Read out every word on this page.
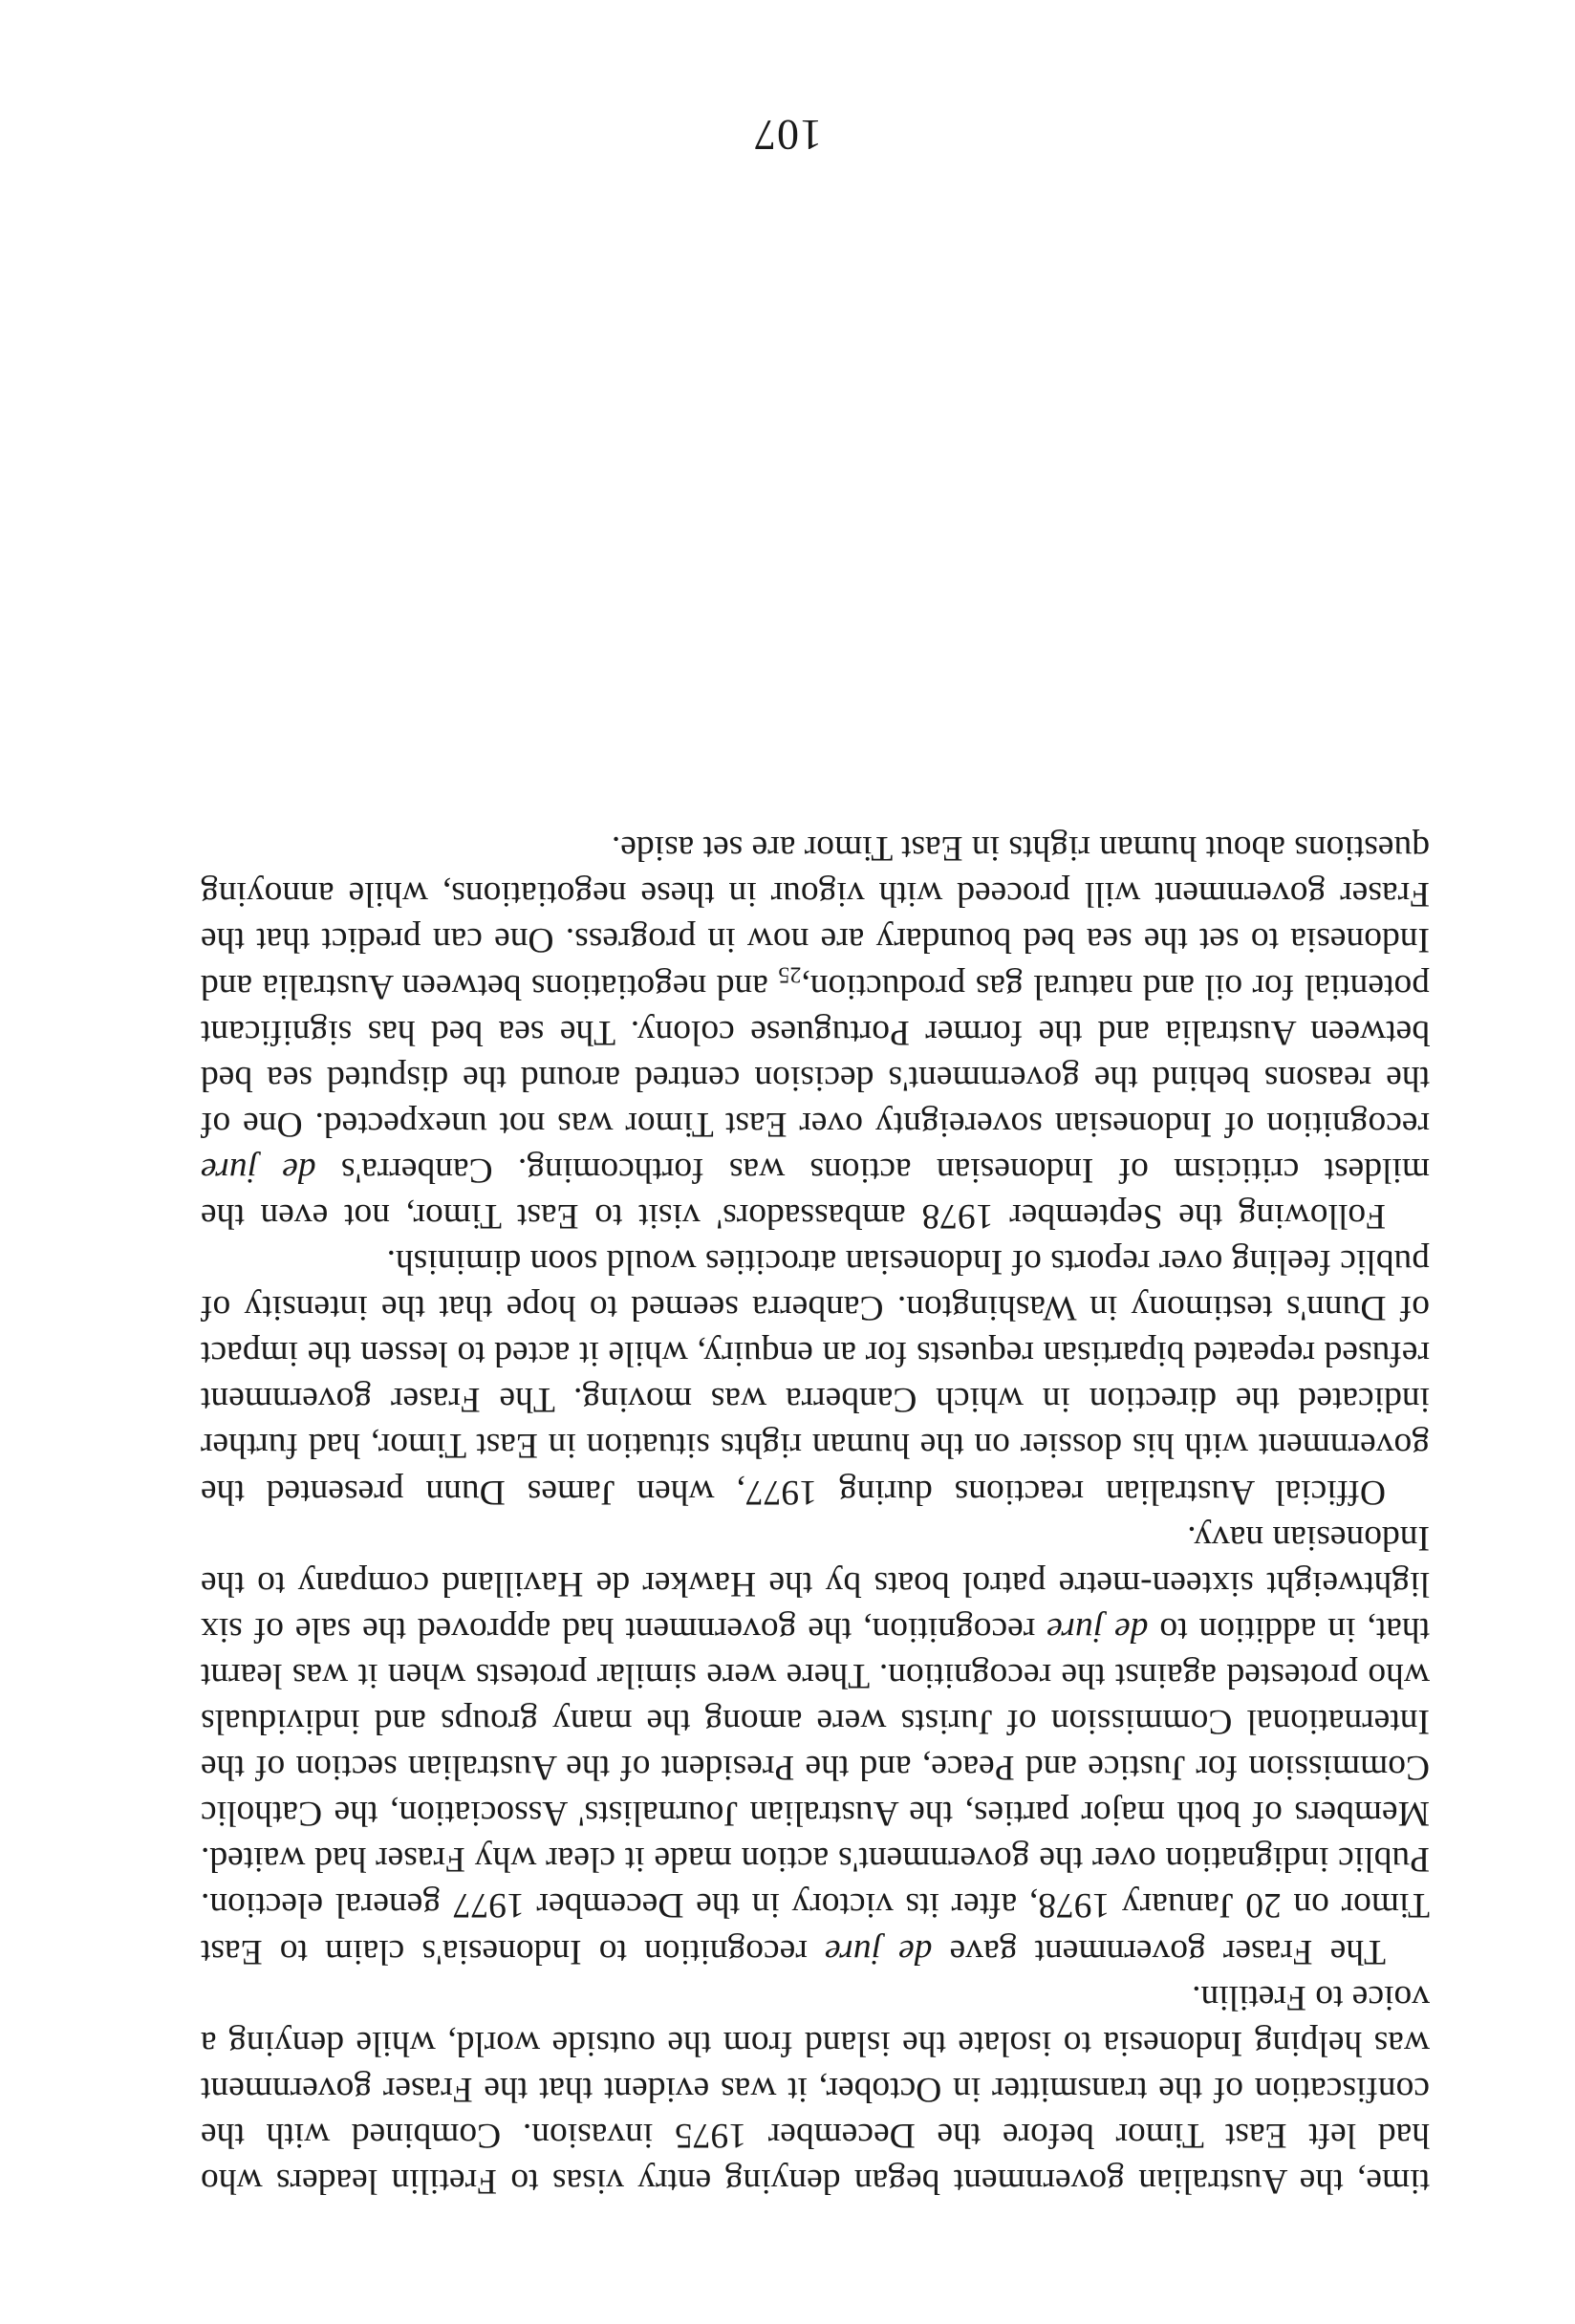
time, the Australian government began denying entry visas to Fretilin leaders who had left East Timor before the December 1975 invasion. Combined with the confiscation of the transmitter in October, it was evident that the Fraser government was helping Indonesia to isolate the island from the outside world, while denying a voice to Fretilin.

The Fraser government gave de jure recognition to Indonesia's claim to East Timor on 20 January 1978, after its victory in the December 1977 general election. Public indignation over the government's action made it clear why Fraser had waited. Members of both major parties, the Australian Journalists' Association, the Catholic Commission for Justice and Peace, and the President of the Australian section of the International Commission of Jurists were among the many groups and individuals who protested against the recognition. There were similar protests when it was learnt that, in addition to de jure recognition, the government had approved the sale of six lightweight sixteen-metre patrol boats by the Hawker de Havilland company to the Indonesian navy.

Official Australian reactions during 1977, when James Dunn presented the government with his dossier on the human rights situation in East Timor, had further indicated the direction in which Canberra was moving. The Fraser government refused repeated bipartisan requests for an enquiry, while it acted to lessen the impact of Dunn's testimony in Washington. Canberra seemed to hope that the intensity of public feeling over reports of Indonesian atrocities would soon diminish.

Following the September 1978 ambassadors' visit to East Timor, not even the mildest criticism of Indonesian actions was forthcoming. Canberra's de jure recognition of Indonesian sovereignty over East Timor was not unexpected. One of the reasons behind the government's decision centred around the disputed sea bed between Australia and the former Portuguese colony. The sea bed has significant potential for oil and natural gas $production,_{25}$ and negotiations between Australia and Indonesia to set the sea bed boundary are now in progress. One can predict that the Fraser government will proceed with vigour in these negotiations, while annoying questions about human rights in East Timor are set aside.

107
